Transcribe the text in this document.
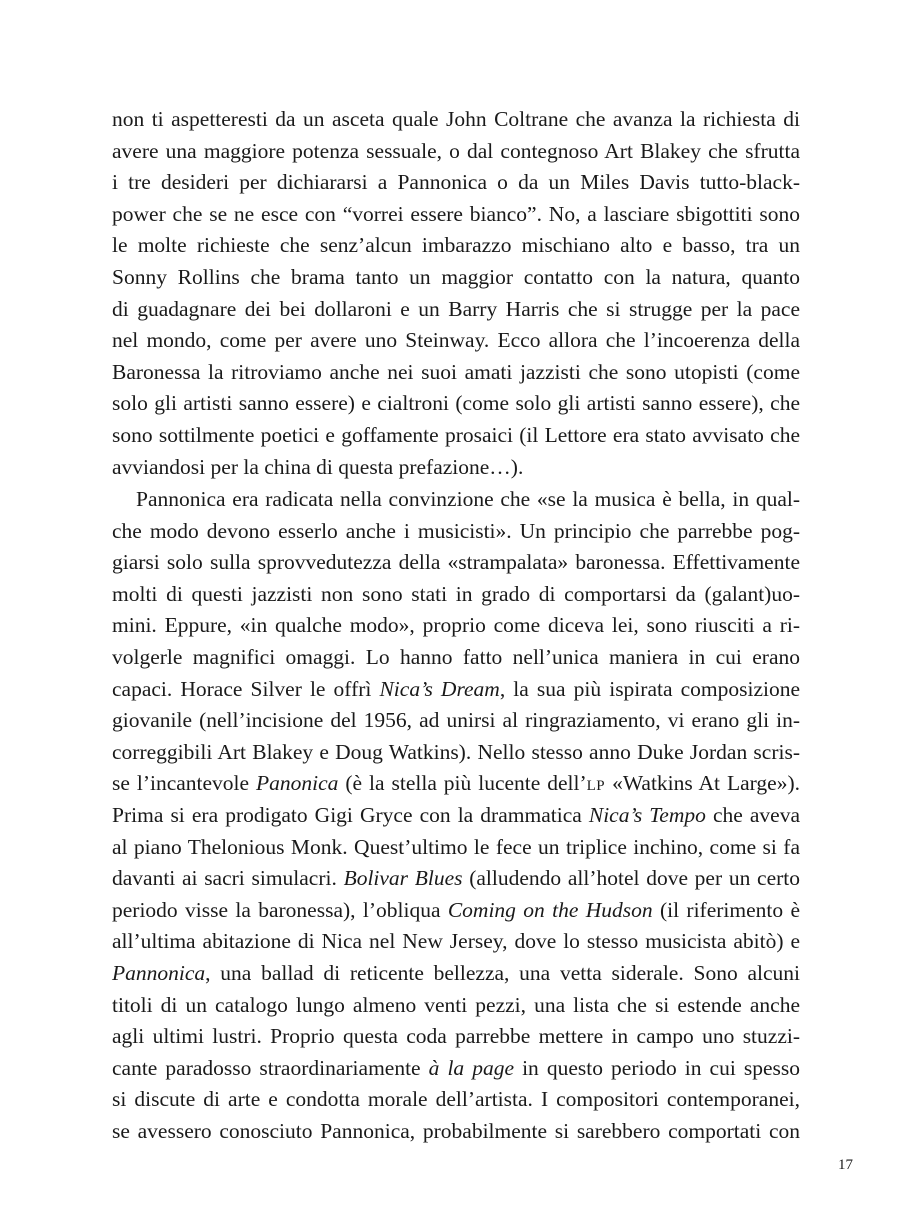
non ti aspetteresti da un asceta quale John Coltrane che avanza la richiesta di
avere una maggiore potenza sessuale, o dal contegnoso Art Blakey che sfrutta
i tre desideri per dichiararsi a Pannonica o da un Miles Davis tutto-black-
power che se ne esce con “vorrei essere bianco”. No, a lasciare sbigottiti sono
le molte richieste che senz’alcun imbarazzo mischiano alto e basso, tra un
Sonny Rollins che brama tanto un maggior contatto con la natura, quanto
di guadagnare dei bei dollaroni e un Barry Harris che si strugge per la pace
nel mondo, come per avere uno Steinway. Ecco allora che l’incoerenza della
Baronessa la ritroviamo anche nei suoi amati jazzisti che sono utopisti (come
solo gli artisti sanno essere) e cialtroni (come solo gli artisti sanno essere), che
sono sottilmente poetici e goffamente prosaici (il Lettore era stato avvisato che
avviandosi per la china di questa prefazione…).
Pannonica era radicata nella convinzione che «se la musica è bella, in qual-
che modo devono esserlo anche i musicisti». Un principio che parrebbe pog-
giarsi solo sulla sprovvedutezza della «strampalata» baronessa. Effettivamente
molti di questi jazzisti non sono stati in grado di comportarsi da (galant)uo-
mini. Eppure, «in qualche modo», proprio come diceva lei, sono riusciti a ri-
volgerle magnifici omaggi. Lo hanno fatto nell’unica maniera in cui erano
capaci. Horace Silver le offrì Nica’s Dream, la sua più ispirata composizione
giovanile (nell’incisione del 1956, ad unirsi al ringraziamento, vi erano gli in-
correggibili Art Blakey e Doug Watkins). Nello stesso anno Duke Jordan scris-
se l’incantevole Panonica (è la stella più lucente dell’lp «Watkins At Large»).
Prima si era prodigato Gigi Gryce con la drammatica Nica’s Tempo che aveva
al piano Thelonious Monk. Quest’ultimo le fece un triplice inchino, come si fa
davanti ai sacri simulacri. Bolivar Blues (alludendo all’hotel dove per un certo
periodo visse la baronessa), l’obliqua Coming on the Hudson (il riferimento è
all’ultima abitazione di Nica nel New Jersey, dove lo stesso musicista abitò) e
Pannonica, una ballad di reticente bellezza, una vetta siderale. Sono alcuni
titoli di un catalogo lungo almeno venti pezzi, una lista che si estende anche
agli ultimi lustri. Proprio questa coda parrebbe mettere in campo uno stuzzi-
cante paradosso straordinariamente à la page in questo periodo in cui spesso
si discute di arte e condotta morale dell’artista. I compositori contemporanei,
se avessero conosciuto Pannonica, probabilmente si sarebbero comportati con
17
